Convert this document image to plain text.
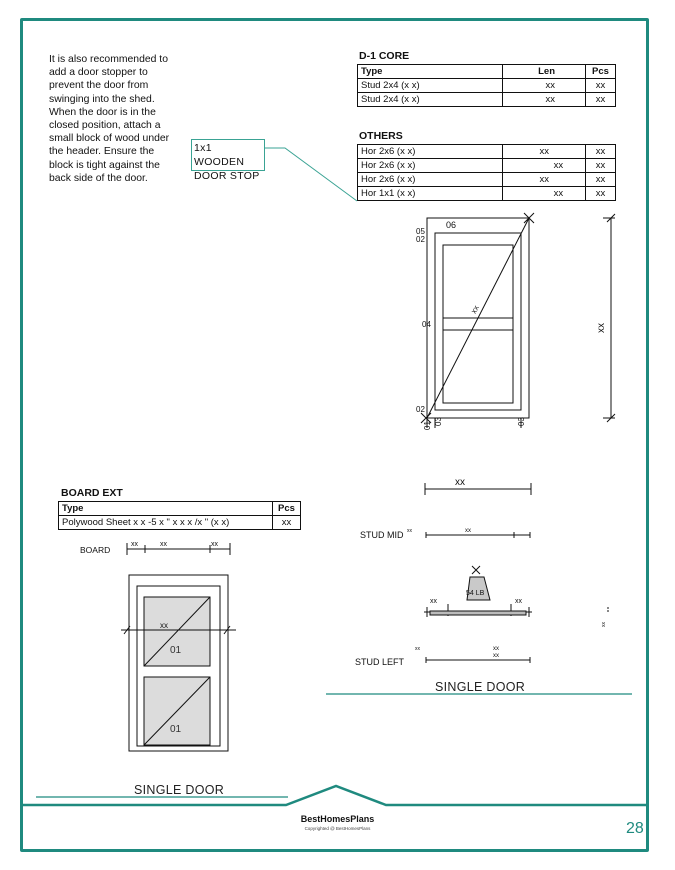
It is also recommended to add a door stopper to prevent the door from swinging into the shed. When the door is in the closed position, attach a small block of wood under the header. Ensure the block is tight against the back side of the door.
1x1 WOODEN DOOR STOP
D-1 CORE
Type	Len	Pcs
Stud 2x4 (x x)	xx	xx
Stud 2x4 (x x)	xx	xx
OTHERS
Hor 2x6 (x x)	xx	xx
Hor 2x6 (x x)	xx	xx
Hor 2x6 (x x)	xx	xx
Hor 1x1 (x x)	xx	xx
BOARD EXT
Type	Pcs
Polywood Sheet x x -5 x " x x x /x " (x x)	xx
06
05
02
04
02
01 03	03
xx
xx
xx
STUD MID xx	xx
STUD LEFT
xx	xx
xx
xx	xx
54 LB
xx
BOARD
xx	xx	xx
xx
01
01
SINGLE DOOR
SINGLE DOOR
BestHomesPlans
Copyrighted @ BestHomesPlans	28
